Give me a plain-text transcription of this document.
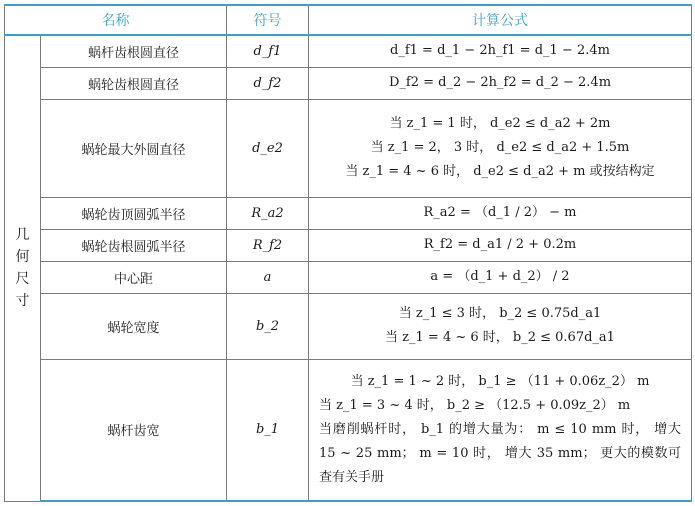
名称		符号	计算公式

几
何
尺
寸	蜗杆齿根圆直径	d_f1	d_f1 = d_1 − 2h_f1 = d_1 − 2.4m

	蜗轮齿根圆直径	d_f2	D_f2 = d_2 − 2h_f2 = d_2 − 2.4m

	蜗轮最大外圆直径	d_e2	当 z_1 = 1 时， d_e2 ≤ d_a2 + 2m
当 z_1 = 2， 3 时， d_e2 ≤ d_a2 + 1.5m
当 z_1 = 4 ~ 6 时， d_e2 ≤ d_a2 + m 或按结构定

	蜗轮齿顶圆弧半径	R_a2	R_a2 = （d_1 / 2） − m

	蜗轮齿根圆弧半径	R_f2	R_f2 = d_a1 / 2 + 0.2m

	中心距	a	a = （d_1 + d_2） / 2

	蜗轮宽度	b_2	当 z_1 ≤ 3 时， b_2 ≤ 0.75d_a1
当 z_1 = 4 ~ 6 时， b_2 ≤ 0.67d_a1

	蜗杆齿宽	b_1	当 z_1 = 1 ~ 2 时， b_1 ≥ （11 + 0.06z_2） m
当 z_1 = 3 ~ 4 时， b_2 ≥ （12.5 + 0.09z_2） m
当磨削蜗杆时， b_1 的增大量为： m ≤ 10 mm 时， 增大 15 ~ 25 mm； m = 10 时， 增大 35 mm； 更大的模数可查有关手册
